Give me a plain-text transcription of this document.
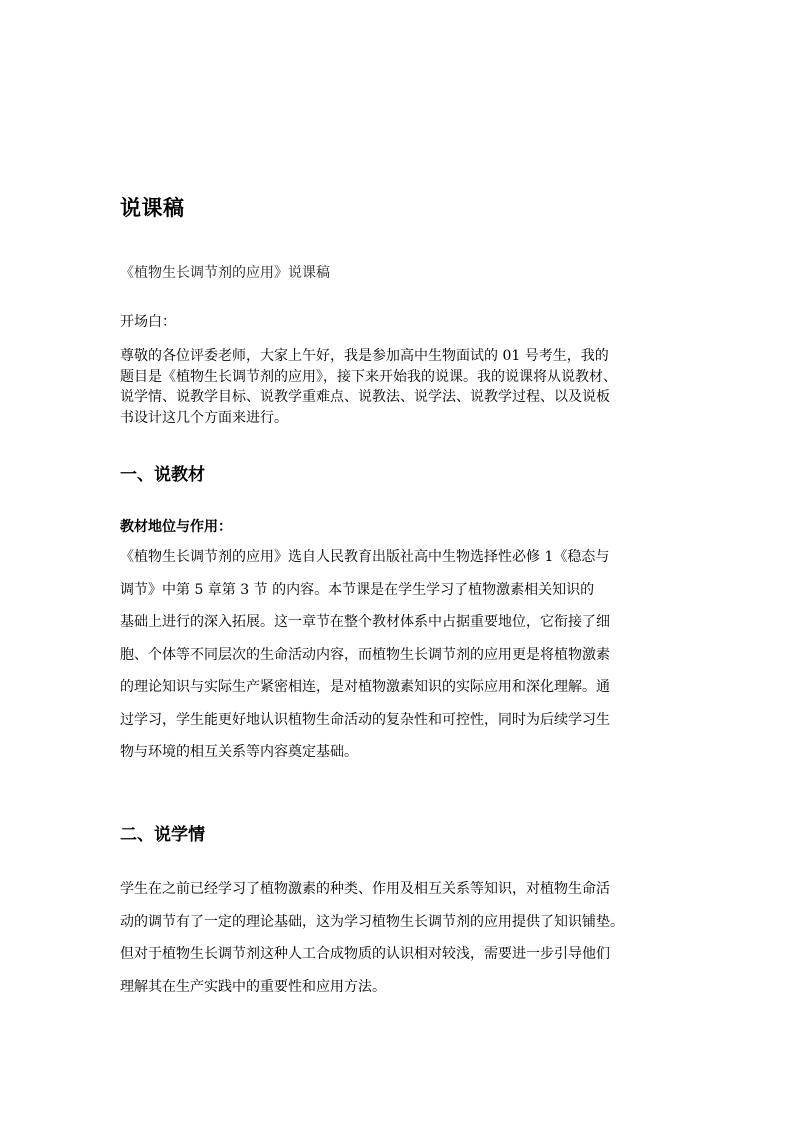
说课稿

《植物生长调节剂的应用》说课稿

开场白：

尊敬的各位评委老师，大家上午好，我是参加高中生物面试的 01 号考生，我的
题目是《植物生长调节剂的应用》，接下来开始我的说课。我的说课将从说教材、
说学情、说教学目标、说教学重难点、说教法、说学法、说教学过程、以及说板
书设计这几个方面来进行。
一、说教材

教材地位与作用：

《植物生长调节剂的应用》选自人民教育出版社高中生物选择性必修 1《稳态与
调节》中第 5 章第 3 节 的内容。本节课是在学生学习了植物激素相关知识的
基础上进行的深入拓展。这一章节在整个教材体系中占据重要地位，它衔接了细
胞、个体等不同层次的生命活动内容，而植物生长调节剂的应用更是将植物激素
的理论知识与实际生产紧密相连，是对植物激素知识的实际应用和深化理解。通
过学习，学生能更好地认识植物生命活动的复杂性和可控性，同时为后续学习生
物与环境的相互关系等内容奠定基础。
二、说学情
学生在之前已经学习了植物激素的种类、作用及相互关系等知识，对植物生命活
动的调节有了一定的理论基础，这为学习植物生长调节剂的应用提供了知识铺垫。
但对于植物生长调节剂这种人工合成物质的认识相对较浅，需要进一步引导他们
理解其在生产实践中的重要性和应用方法。
